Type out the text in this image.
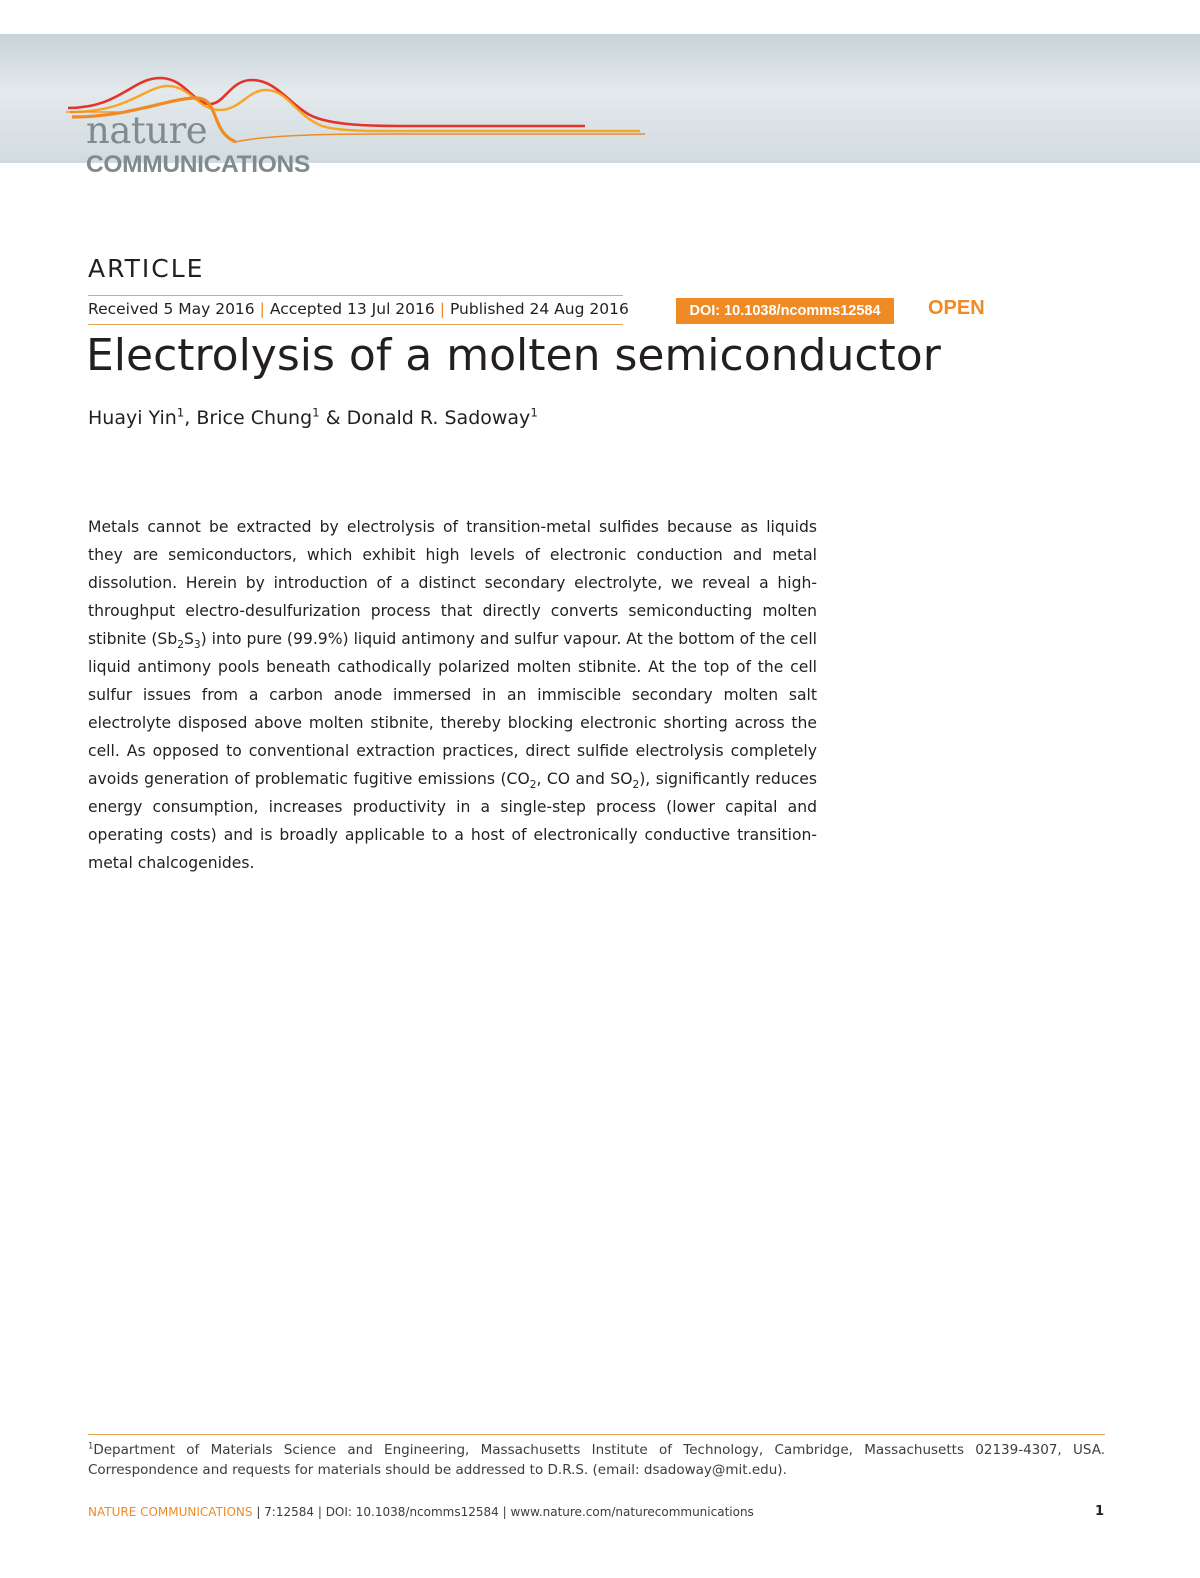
nature

COMMUNICATIONS

ARTICLE
Received 5 May 2016 | Accepted 13 Jul 2016 | Published 24 Aug 2016	DOI: 10.1038/ncomms12584	OPEN

Electrolysis of a molten semiconductor

Huayi Yin$^1$, Brice Chung$^1$ & Donald R. Sadoway$^1$

Metals cannot be extracted by electrolysis of transition-metal sulfides because as liquids they are semiconductors, which exhibit high levels of electronic conduction and metal dissolution. Herein by introduction of a distinct secondary electrolyte, we reveal a high-throughput electro-desulfurization process that directly converts semiconducting molten stibnite $(Sb_2S_3)$ into pure (99.9%) liquid antimony and sulfur vapour. At the bottom of the cell liquid antimony pools beneath cathodically polarized molten stibnite. At the top of the cell sulfur issues from a carbon anode immersed in an immiscible secondary molten salt electrolyte disposed above molten stibnite, thereby blocking electronic shorting across the cell. As opposed to conventional extraction practices, direct sulfide electrolysis completely avoids generation of problematic fugitive emissions ($CO_2$, CO and $SO_2$), significantly reduces energy consumption, increases productivity in a single-step process (lower capital and operating costs) and is broadly applicable to a host of electronically conductive transition-metal chalcogenides.

$^1$Department of Materials Science and Engineering, Massachusetts Institute of Technology, Cambridge, Massachusetts 02139-4307, USA. Correspondence and requests for materials should be addressed to D.R.S. (email: dsadoway@mit.edu).

NATURE COMMUNICATIONS | 7:12584 | DOI: 10.1038/ncomms12584 | www.nature.com/naturecommunications	1
